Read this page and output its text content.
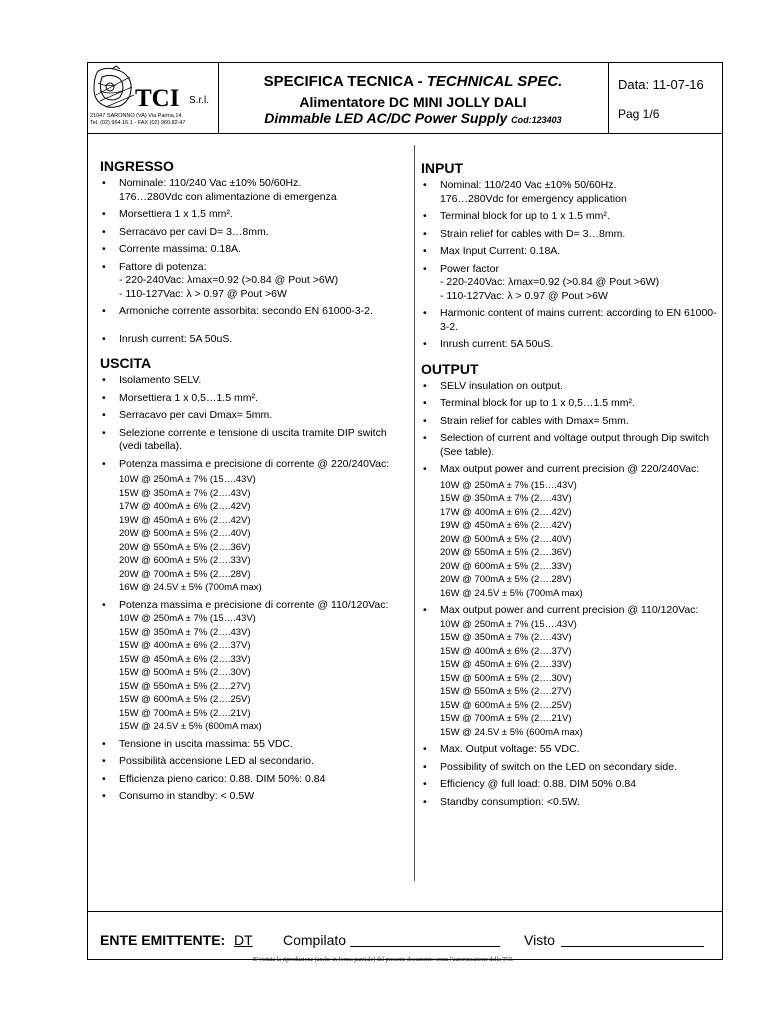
TCI S.r.l.
21047 SARONNO (VA) Via Parma,14
Tel. (02) 964.16.1 - FAX (02) 960.82.47
SPECIFICA TECNICA - TECHNICAL SPEC.
Alimentatore DC MINI JOLLY DALI
Dimmable LED AC/DC Power Supply Cod:123403
Data: 11-07-16
Pag 1/6
INGRESSO
• Nominale: 110/240 Vac ±10% 50/60Hz.
176…280Vdc con alimentazione di emergenza
• Morsettiera 1 x 1.5 mm².
• Serracavo per cavi D= 3…8mm.
• Corrente massima: 0.18A.
• Fattore di potenza:
- 220-240Vac: λmax=0.92 (>0.84 @ Pout >6W)
- 110-127Vac: λ > 0.97 @ Pout >6W
• Armoniche corrente assorbita: secondo EN 61000-3-2.
• Inrush current: 5A 50uS.
USCITA
• Isolamento SELV.
• Morsettiera 1 x 0,5…1.5 mm².
• Serracavo per cavi Dmax= 5mm.
• Selezione corrente e tensione di uscita tramite DIP switch (vedi tabella).
• Potenza massima e precisione di corrente @ 220/240Vac:
10W @ 250mA ± 7% (15….43V)
15W @ 350mA ± 7% (2….43V)
17W @ 400mA ± 6% (2….42V)
19W @ 450mA ± 6% (2….42V)
20W @ 500mA ± 5% (2….40V)
20W @ 550mA ± 5% (2….36V)
20W @ 600mA ± 5% (2….33V)
20W @ 700mA ± 5% (2….28V)
16W @ 24.5V ± 5% (700mA max)
• Potenza massima e precisione di corrente @ 110/120Vac:
10W @ 250mA ± 7% (15….43V)
15W @ 350mA ± 7% (2….43V)
15W @ 400mA ± 6% (2….37V)
15W @ 450mA ± 6% (2….33V)
15W @ 500mA ± 5% (2….30V)
15W @ 550mA ± 5% (2….27V)
15W @ 600mA ± 5% (2….25V)
15W @ 700mA ± 5% (2….21V)
15W @ 24.5V ± 5% (600mA max)
• Tensione in uscita massima: 55 VDC.
• Possibilità accensione LED al secondario.
• Efficienza pieno carico: 0.88. DIM 50%: 0.84
• Consumo in standby: < 0.5W
INPUT
• Nominal: 110/240 Vac ±10% 50/60Hz.
176…280Vdc for emergency application
• Terminal block for up to 1 x 1.5 mm².
• Strain relief for cables with D= 3…8mm.
• Max Input Current: 0.18A.
• Power factor
- 220-240Vac: λmax=0.92 (>0.84 @ Pout >6W)
- 110-127Vac: λ > 0.97 @ Pout >6W
• Harmonic content of mains current: according to EN 61000-3-2.
• Inrush current: 5A 50uS.
OUTPUT
• SELV insulation on output.
• Terminal block for up to 1 x 0,5…1.5 mm².
• Strain relief for cables with Dmax= 5mm.
• Selection of current and voltage output through Dip switch (See table).
• Max output power and current precision @ 220/240Vac:
10W @ 250mA ± 7% (15….43V)
15W @ 350mA ± 7% (2….43V)
17W @ 400mA ± 6% (2….42V)
19W @ 450mA ± 6% (2….42V)
20W @ 500mA ± 5% (2….40V)
20W @ 550mA ± 5% (2….36V)
20W @ 600mA ± 5% (2….33V)
20W @ 700mA ± 5% (2….28V)
16W @ 24.5V ± 5% (700mA max)
• Max output power and current precision @ 110/120Vac:
10W @ 250mA ± 7% (15….43V)
15W @ 350mA ± 7% (2….43V)
15W @ 400mA ± 6% (2….37V)
15W @ 450mA ± 6% (2….33V)
15W @ 500mA ± 5% (2….30V)
15W @ 550mA ± 5% (2….27V)
15W @ 600mA ± 5% (2….25V)
15W @ 700mA ± 5% (2….21V)
15W @ 24.5V ± 5% (600mA max)
• Max. Output voltage: 55 VDC.
• Possibility of switch on the LED on secondary side.
• Efficiency @ full load: 0.88. DIM 50% 0.84
• Standby consumption: <0.5W.
ENTE EMITTENTE: DT Compilato	Visto
E' vietata la riproduzione (anche in forma parziale) del presente documento senza l'autorizzazione della TCI. -
